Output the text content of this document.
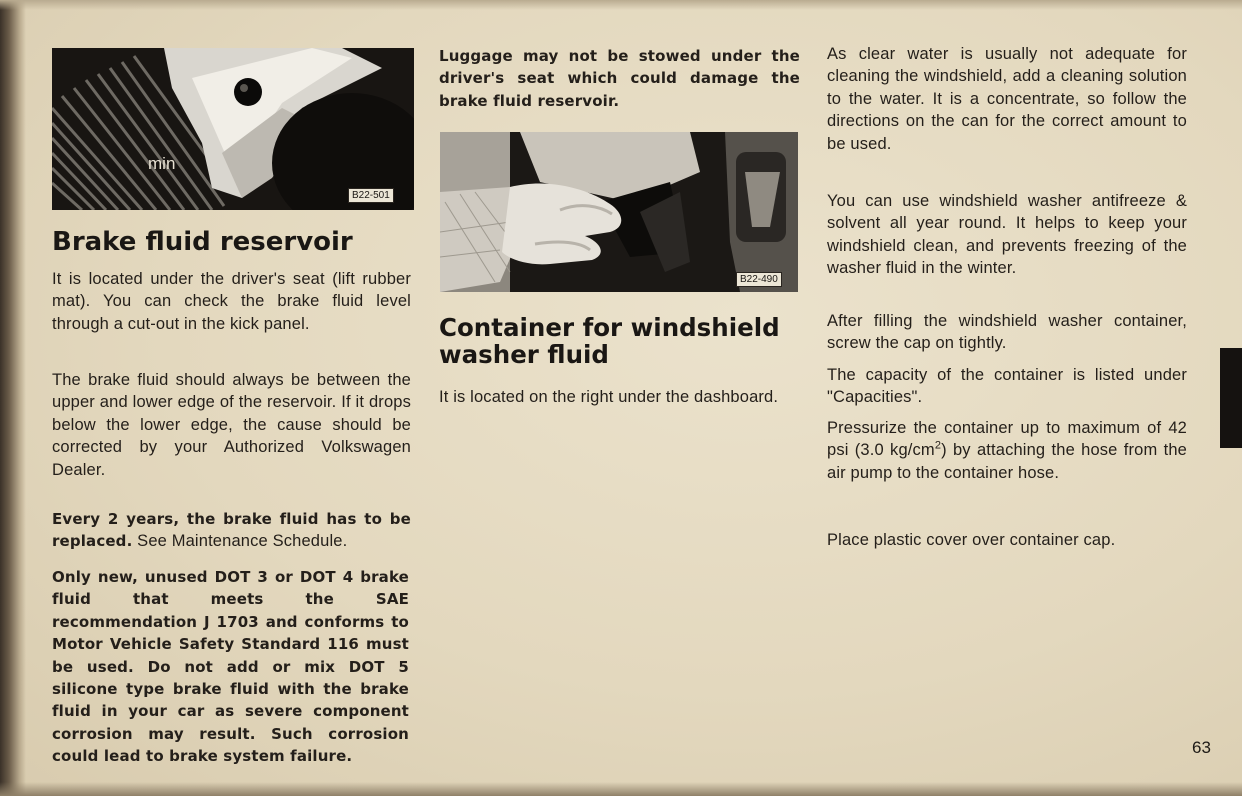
min
B22-501
Brake fluid reservoir

It is located under the driver's seat (lift rubber mat). You can check the brake fluid level through a cut-out in the kick panel.

The brake fluid should always be between the upper and lower edge of the reservoir. If it drops below the lower edge, the cause should be corrected by your Authorized Volkswagen Dealer.

Every 2 years, the brake fluid has to be replaced. See Maintenance Schedule.

Only new, unused DOT 3 or DOT 4 brake fluid that meets the SAE recommendation J 1703 and conforms to Motor Vehicle Safety Standard 116 must be used. Do not add or mix DOT 5 silicone type brake fluid with the brake fluid in your car as severe component corrosion may result. Such corrosion could lead to brake system failure.

Luggage may not be stowed under the driver's seat which could damage the brake fluid reservoir.

B22-490
Container for windshield washer fluid

It is located on the right under the dashboard.

As clear water is usually not adequate for cleaning the windshield, add a cleaning solution to the water. It is a concentrate, so follow the directions on the can for the correct amount to be used.

You can use windshield washer antifreeze & solvent all year round. It helps to keep your windshield clean, and prevents freezing of the washer fluid in the winter.

After filling the windshield washer container, screw the cap on tightly.

The capacity of the container is listed under "Capacities".

Pressurize the container up to maximum of 42 psi (3.0 $kg/cm^2$) by attaching the hose from the air pump to the container hose.

Place plastic cover over container cap.

63
